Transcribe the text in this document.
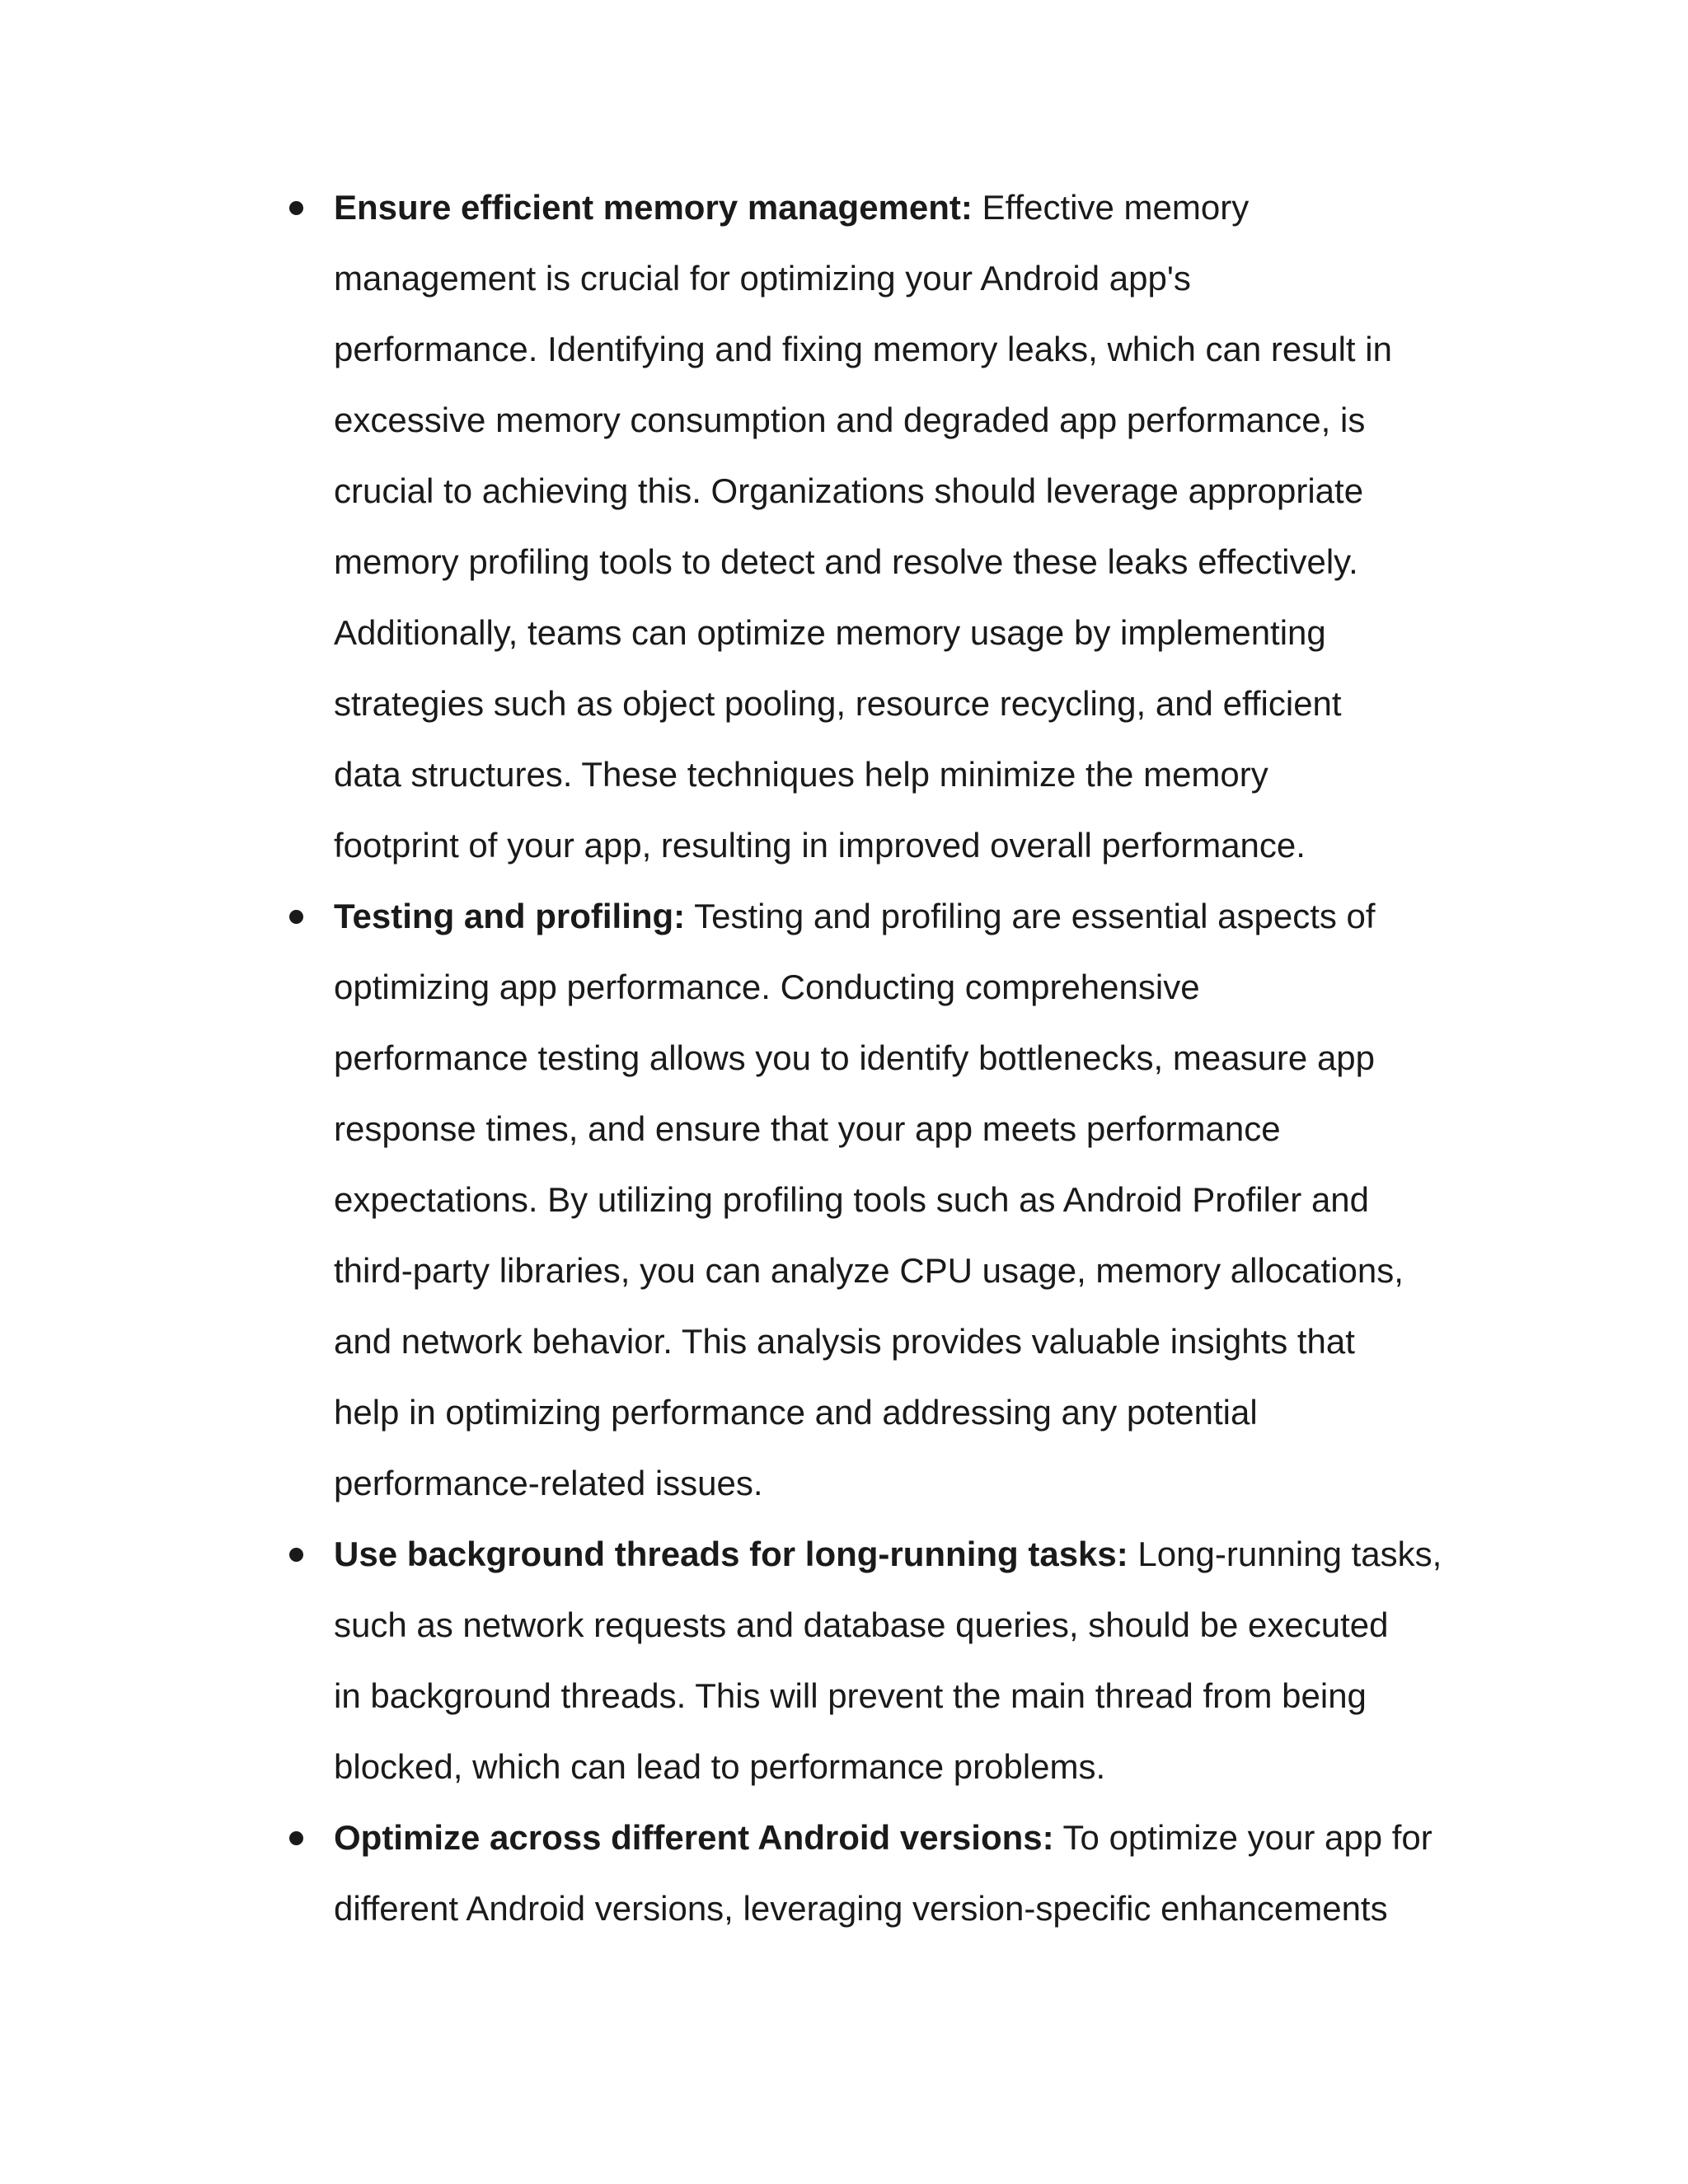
Ensure efficient memory management: Effective memory
management is crucial for optimizing your Android app's
performance. Identifying and fixing memory leaks, which can result in
excessive memory consumption and degraded app performance, is
crucial to achieving this. Organizations should leverage appropriate
memory profiling tools to detect and resolve these leaks effectively.
Additionally, teams can optimize memory usage by implementing
strategies such as object pooling, resource recycling, and efficient
data structures. These techniques help minimize the memory
footprint of your app, resulting in improved overall performance.
Testing and profiling: Testing and profiling are essential aspects of
optimizing app performance. Conducting comprehensive
performance testing allows you to identify bottlenecks, measure app
response times, and ensure that your app meets performance
expectations. By utilizing profiling tools such as Android Profiler and
third-party libraries, you can analyze CPU usage, memory allocations,
and network behavior. This analysis provides valuable insights that
help in optimizing performance and addressing any potential
performance-related issues.
Use background threads for long-running tasks: Long-running tasks,
such as network requests and database queries, should be executed
in background threads. This will prevent the main thread from being
blocked, which can lead to performance problems.
Optimize across different Android versions: To optimize your app for
different Android versions, leveraging version-specific enhancements
